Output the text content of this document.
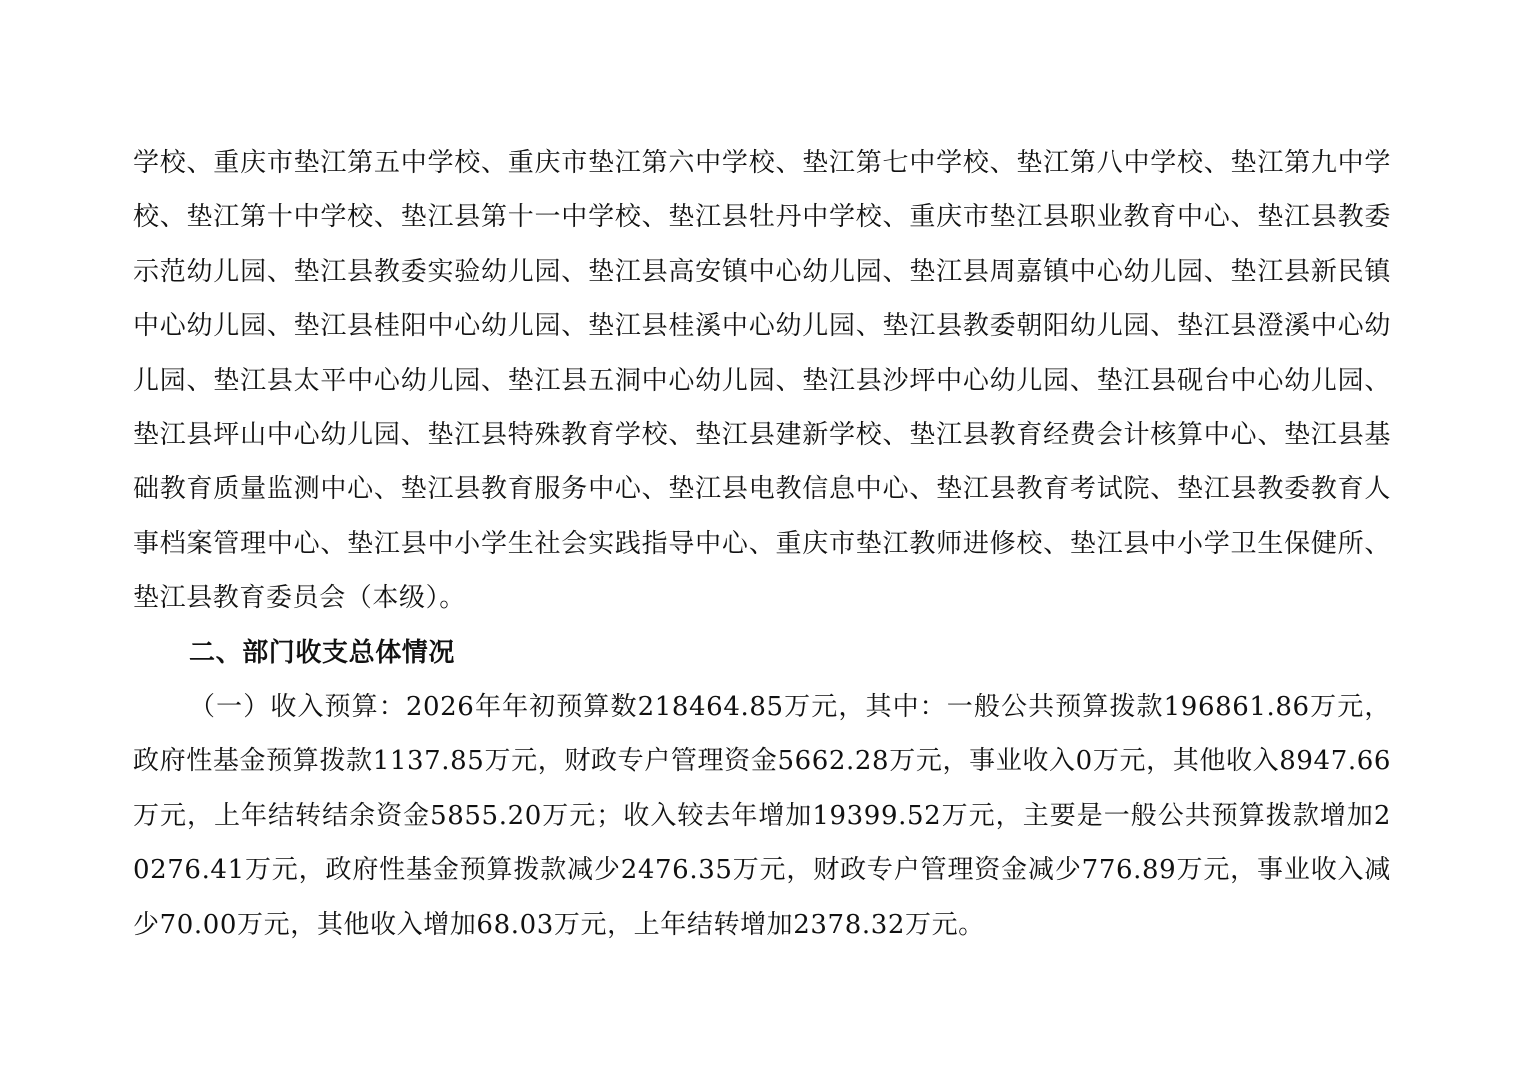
学校、重庆市垫江第五中学校、重庆市垫江第六中学校、垫江第七中学校、垫江第八中学校、垫江第九中学校、垫江第十中学校、垫江县第十一中学校、垫江县牡丹中学校、重庆市垫江县职业教育中心、垫江县教委示范幼儿园、垫江县教委实验幼儿园、垫江县高安镇中心幼儿园、垫江县周嘉镇中心幼儿园、垫江县新民镇中心幼儿园、垫江县桂阳中心幼儿园、垫江县桂溪中心幼儿园、垫江县教委朝阳幼儿园、垫江县澄溪中心幼儿园、垫江县太平中心幼儿园、垫江县五洞中心幼儿园、垫江县沙坪中心幼儿园、垫江县砚台中心幼儿园、垫江县坪山中心幼儿园、垫江县特殊教育学校、垫江县建新学校、垫江县教育经费会计核算中心、垫江县基础教育质量监测中心、垫江县教育服务中心、垫江县电教信息中心、垫江县教育考试院、垫江县教委教育人事档案管理中心、垫江县中小学生社会实践指导中心、重庆市垫江教师进修校、垫江县中小学卫生保健所、垫江县教育委员会（本级）。

二、部门收支总体情况

（一）收入预算：2026年年初预算数218464.85万元，其中：一般公共预算拨款196861.86万元，政府性基金预算拨款1137.85万元，财政专户管理资金5662.28万元，事业收入0万元，其他收入8947.66万元，上年结转结余资金5855.20万元；收入较去年增加19399.52万元，主要是一般公共预算拨款增加20276.41万元，政府性基金预算拨款减少2476.35万元，财政专户管理资金减少776.89万元，事业收入减少70.00万元，其他收入增加68.03万元，上年结转增加2378.32万元。
